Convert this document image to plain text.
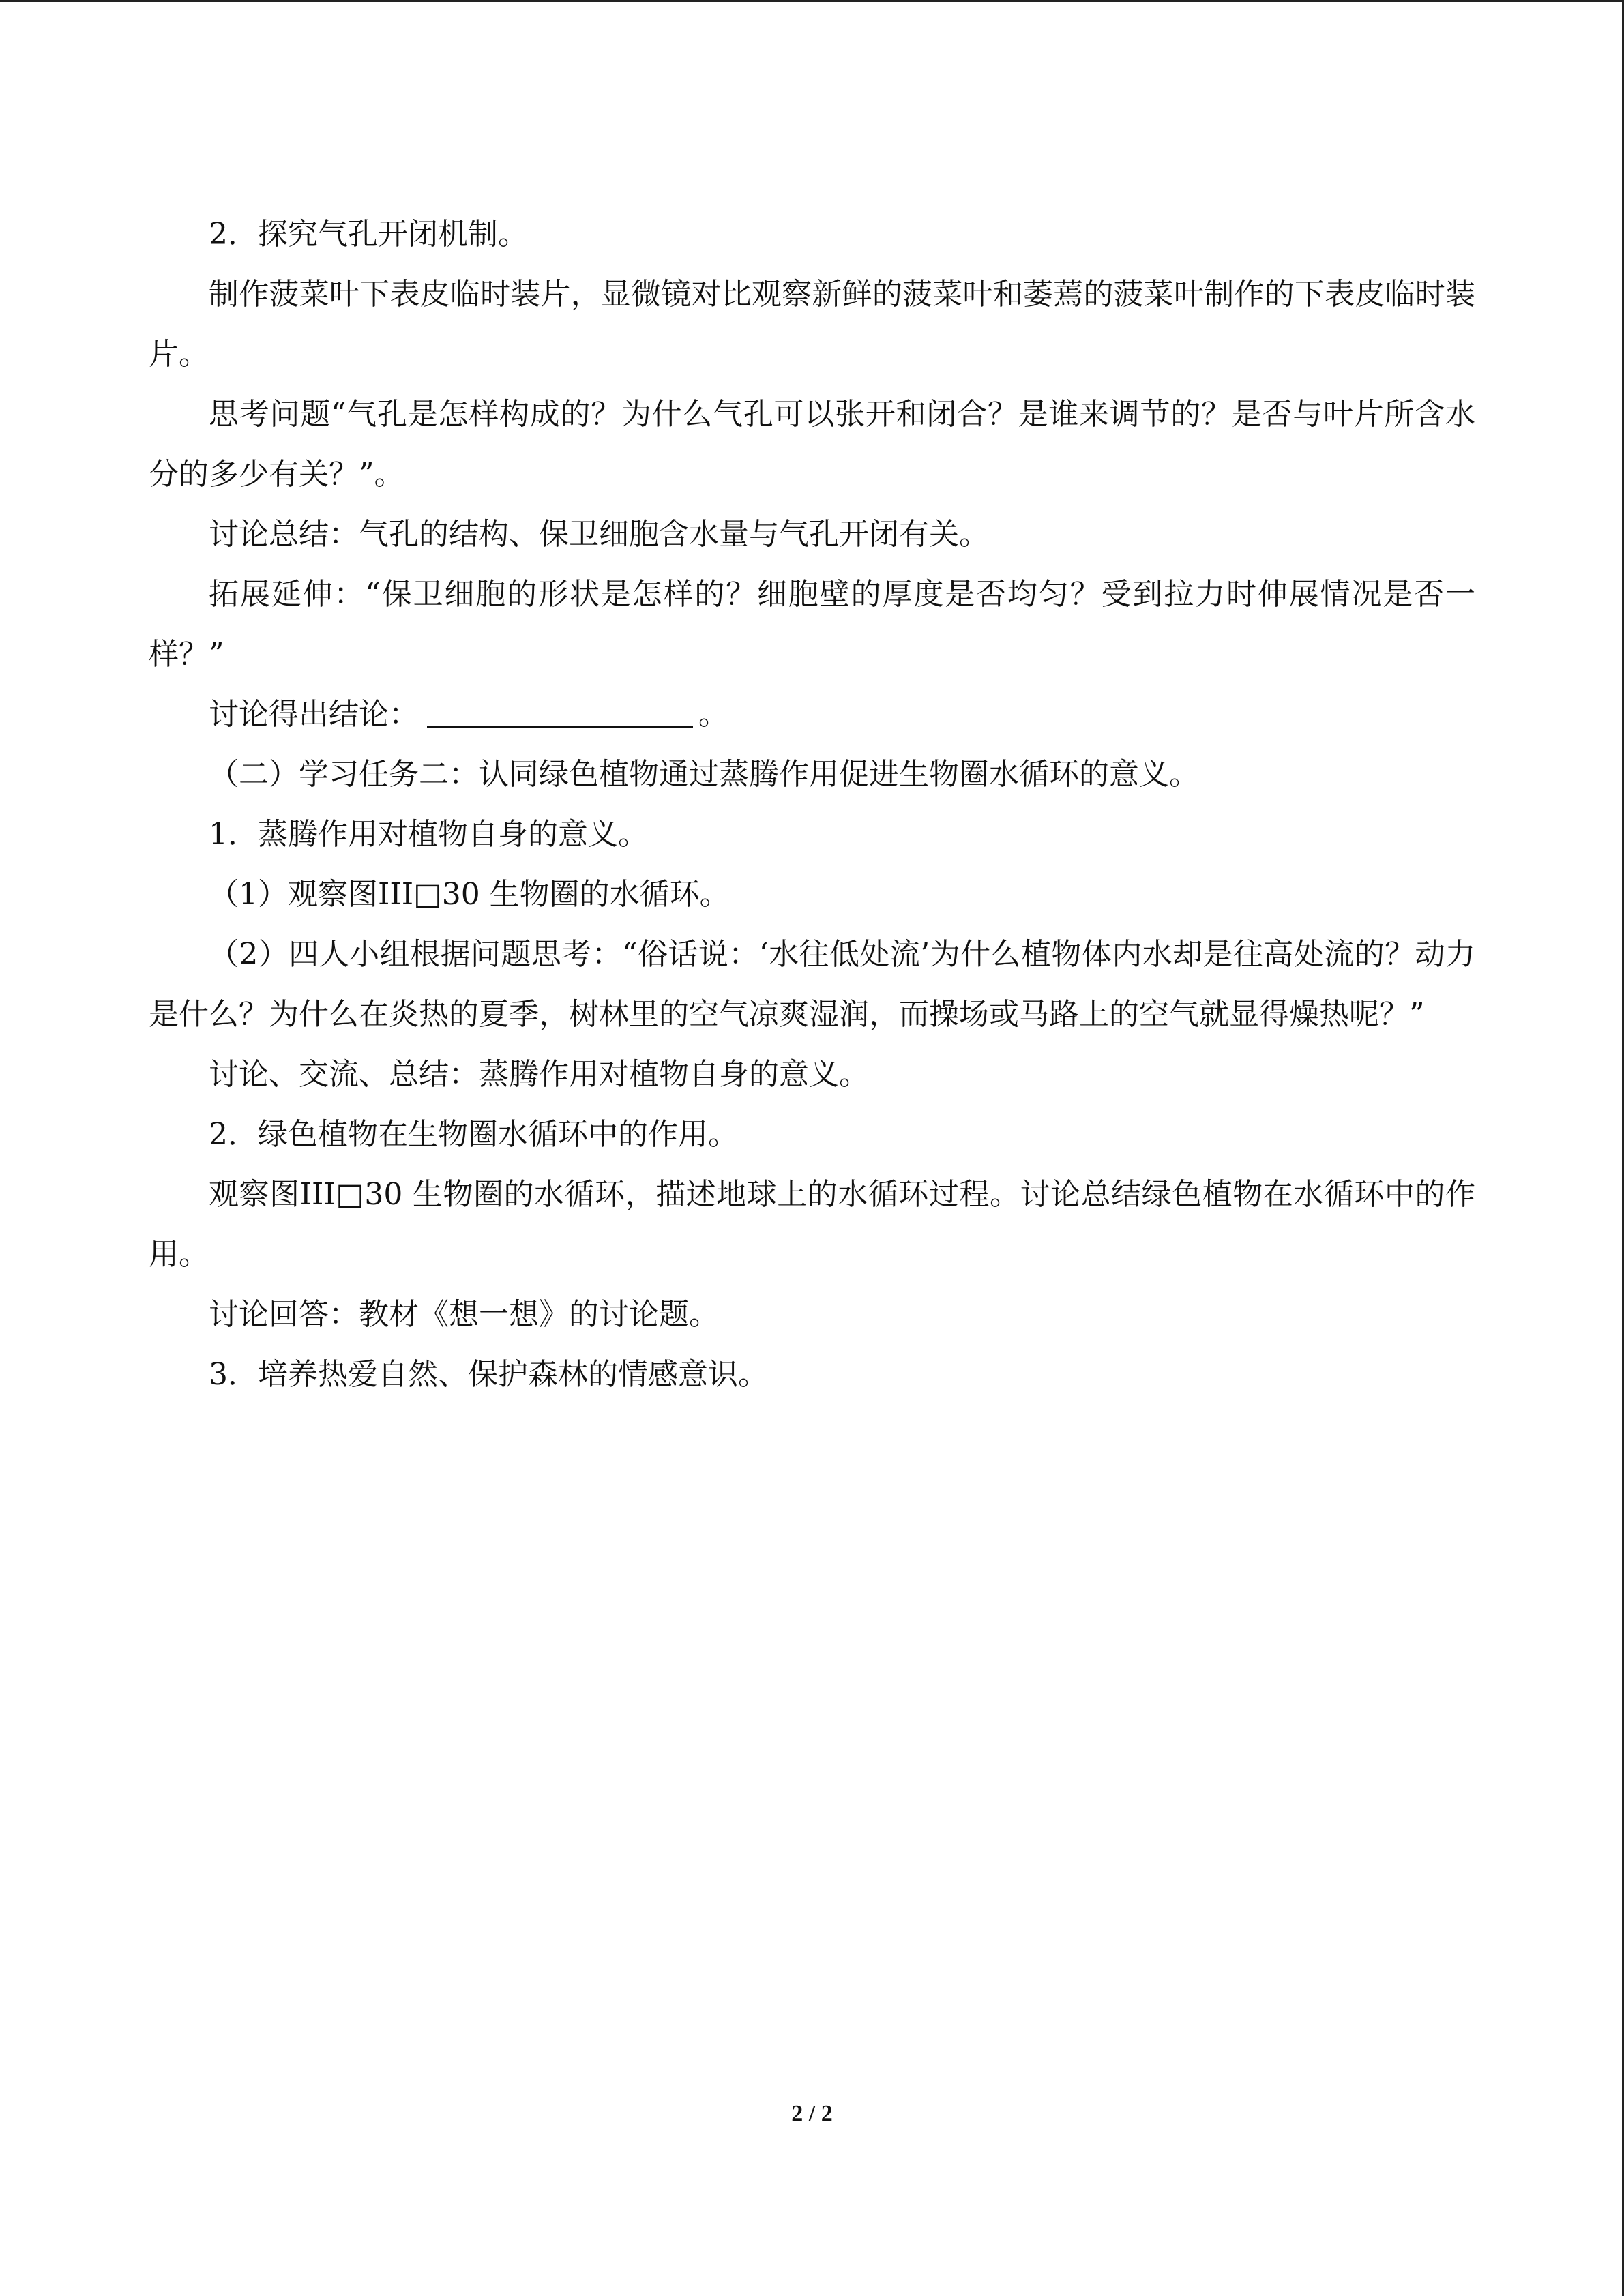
2．探究气孔开闭机制。

制作菠菜叶下表皮临时装片，显微镜对比观察新鲜的菠菜叶和萎蔫的菠菜叶制作的下表皮临时装片。

思考问题“气孔是怎样构成的？为什么气孔可以张开和闭合？是谁来调节的？是否与叶片所含水分的多少有关？”。

讨论总结：气孔的结构、保卫细胞含水量与气孔开闭有关。

拓展延伸：“保卫细胞的形状是怎样的？细胞壁的厚度是否均匀？受到拉力时伸展情况是否一样？”

讨论得出结论：	。

（二）学习任务二：认同绿色植物通过蒸腾作用促进生物圈水循环的意义。

1．蒸腾作用对植物自身的意义。

（1）观察图III□30 生物圈的水循环。

（2）四人小组根据问题思考：“俗话说：‘水往低处流’为什么植物体内水却是往高处流的？动力是什么？为什么在炎热的夏季，树林里的空气凉爽湿润，而操场或马路上的空气就显得燥热呢？”

讨论、交流、总结：蒸腾作用对植物自身的意义。

2．绿色植物在生物圈水循环中的作用。

观察图III□30 生物圈的水循环，描述地球上的水循环过程。讨论总结绿色植物在水循环中的作用。

讨论回答：教材《想一想》的讨论题。

3．培养热爱自然、保护森林的情感意识。

2 / 2
